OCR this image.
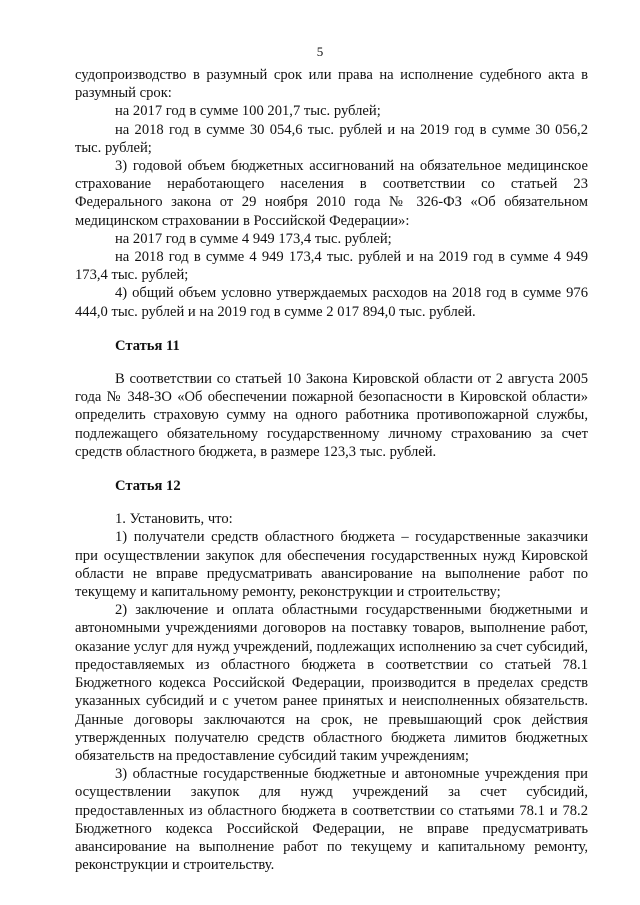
5

судопроизводство в разумный срок или права на исполнение судебного акта в разумный срок:

на 2017 год в сумме 100 201,7 тыс. рублей;

на 2018 год в сумме 30 054,6 тыс. рублей и на 2019 год в сумме 30 056,2 тыс. рублей;

3) годовой объем бюджетных ассигнований на обязательное медицинское страхование неработающего населения в соответствии со статьей 23 Федерального закона от 29 ноября 2010 года № 326-ФЗ «Об обязательном медицинском страховании в Российской Федерации»:

на 2017 год в сумме 4 949 173,4 тыс. рублей;

на 2018 год в сумме 4 949 173,4 тыс. рублей и на 2019 год в сумме 4 949 173,4 тыс. рублей;

4) общий объем условно утверждаемых расходов на 2018 год в сумме 976 444,0 тыс. рублей и на 2019 год в сумме 2 017 894,0 тыс. рублей.

Статья 11

В соответствии со статьей 10 Закона Кировской области от 2 августа 2005 года № 348-ЗО «Об обеспечении пожарной безопасности в Кировской области» определить страховую сумму на одного работника противопожарной службы, подлежащего обязательному государственному личному страхованию за счет средств областного бюджета, в размере 123,3 тыс. рублей.

Статья 12

1. Установить, что:

1) получатели средств областного бюджета – государственные заказчики при осуществлении закупок для обеспечения государственных нужд Кировской области не вправе предусматривать авансирование на выполнение работ по текущему и капитальному ремонту, реконструкции и строительству;

2) заключение и оплата областными государственными бюджетными и автономными учреждениями договоров на поставку товаров, выполнение работ, оказание услуг для нужд учреждений, подлежащих исполнению за счет субсидий, предоставляемых из областного бюджета в соответствии со статьей 78.1 Бюджетного кодекса Российской Федерации, производится в пределах средств указанных субсидий и с учетом ранее принятых и неисполненных обязательств. Данные договоры заключаются на срок, не превышающий срок действия утвержденных получателю средств областного бюджета лимитов бюджетных обязательств на предоставление субсидий таким учреждениям;

3) областные государственные бюджетные и автономные учреждения при осуществлении закупок для нужд учреждений за счет субсидий, предоставленных из областного бюджета в соответствии со статьями 78.1 и 78.2 Бюджетного кодекса Российской Федерации, не вправе предусматривать авансирование на выполнение работ по текущему и капитальному ремонту, реконструкции и строительству.
